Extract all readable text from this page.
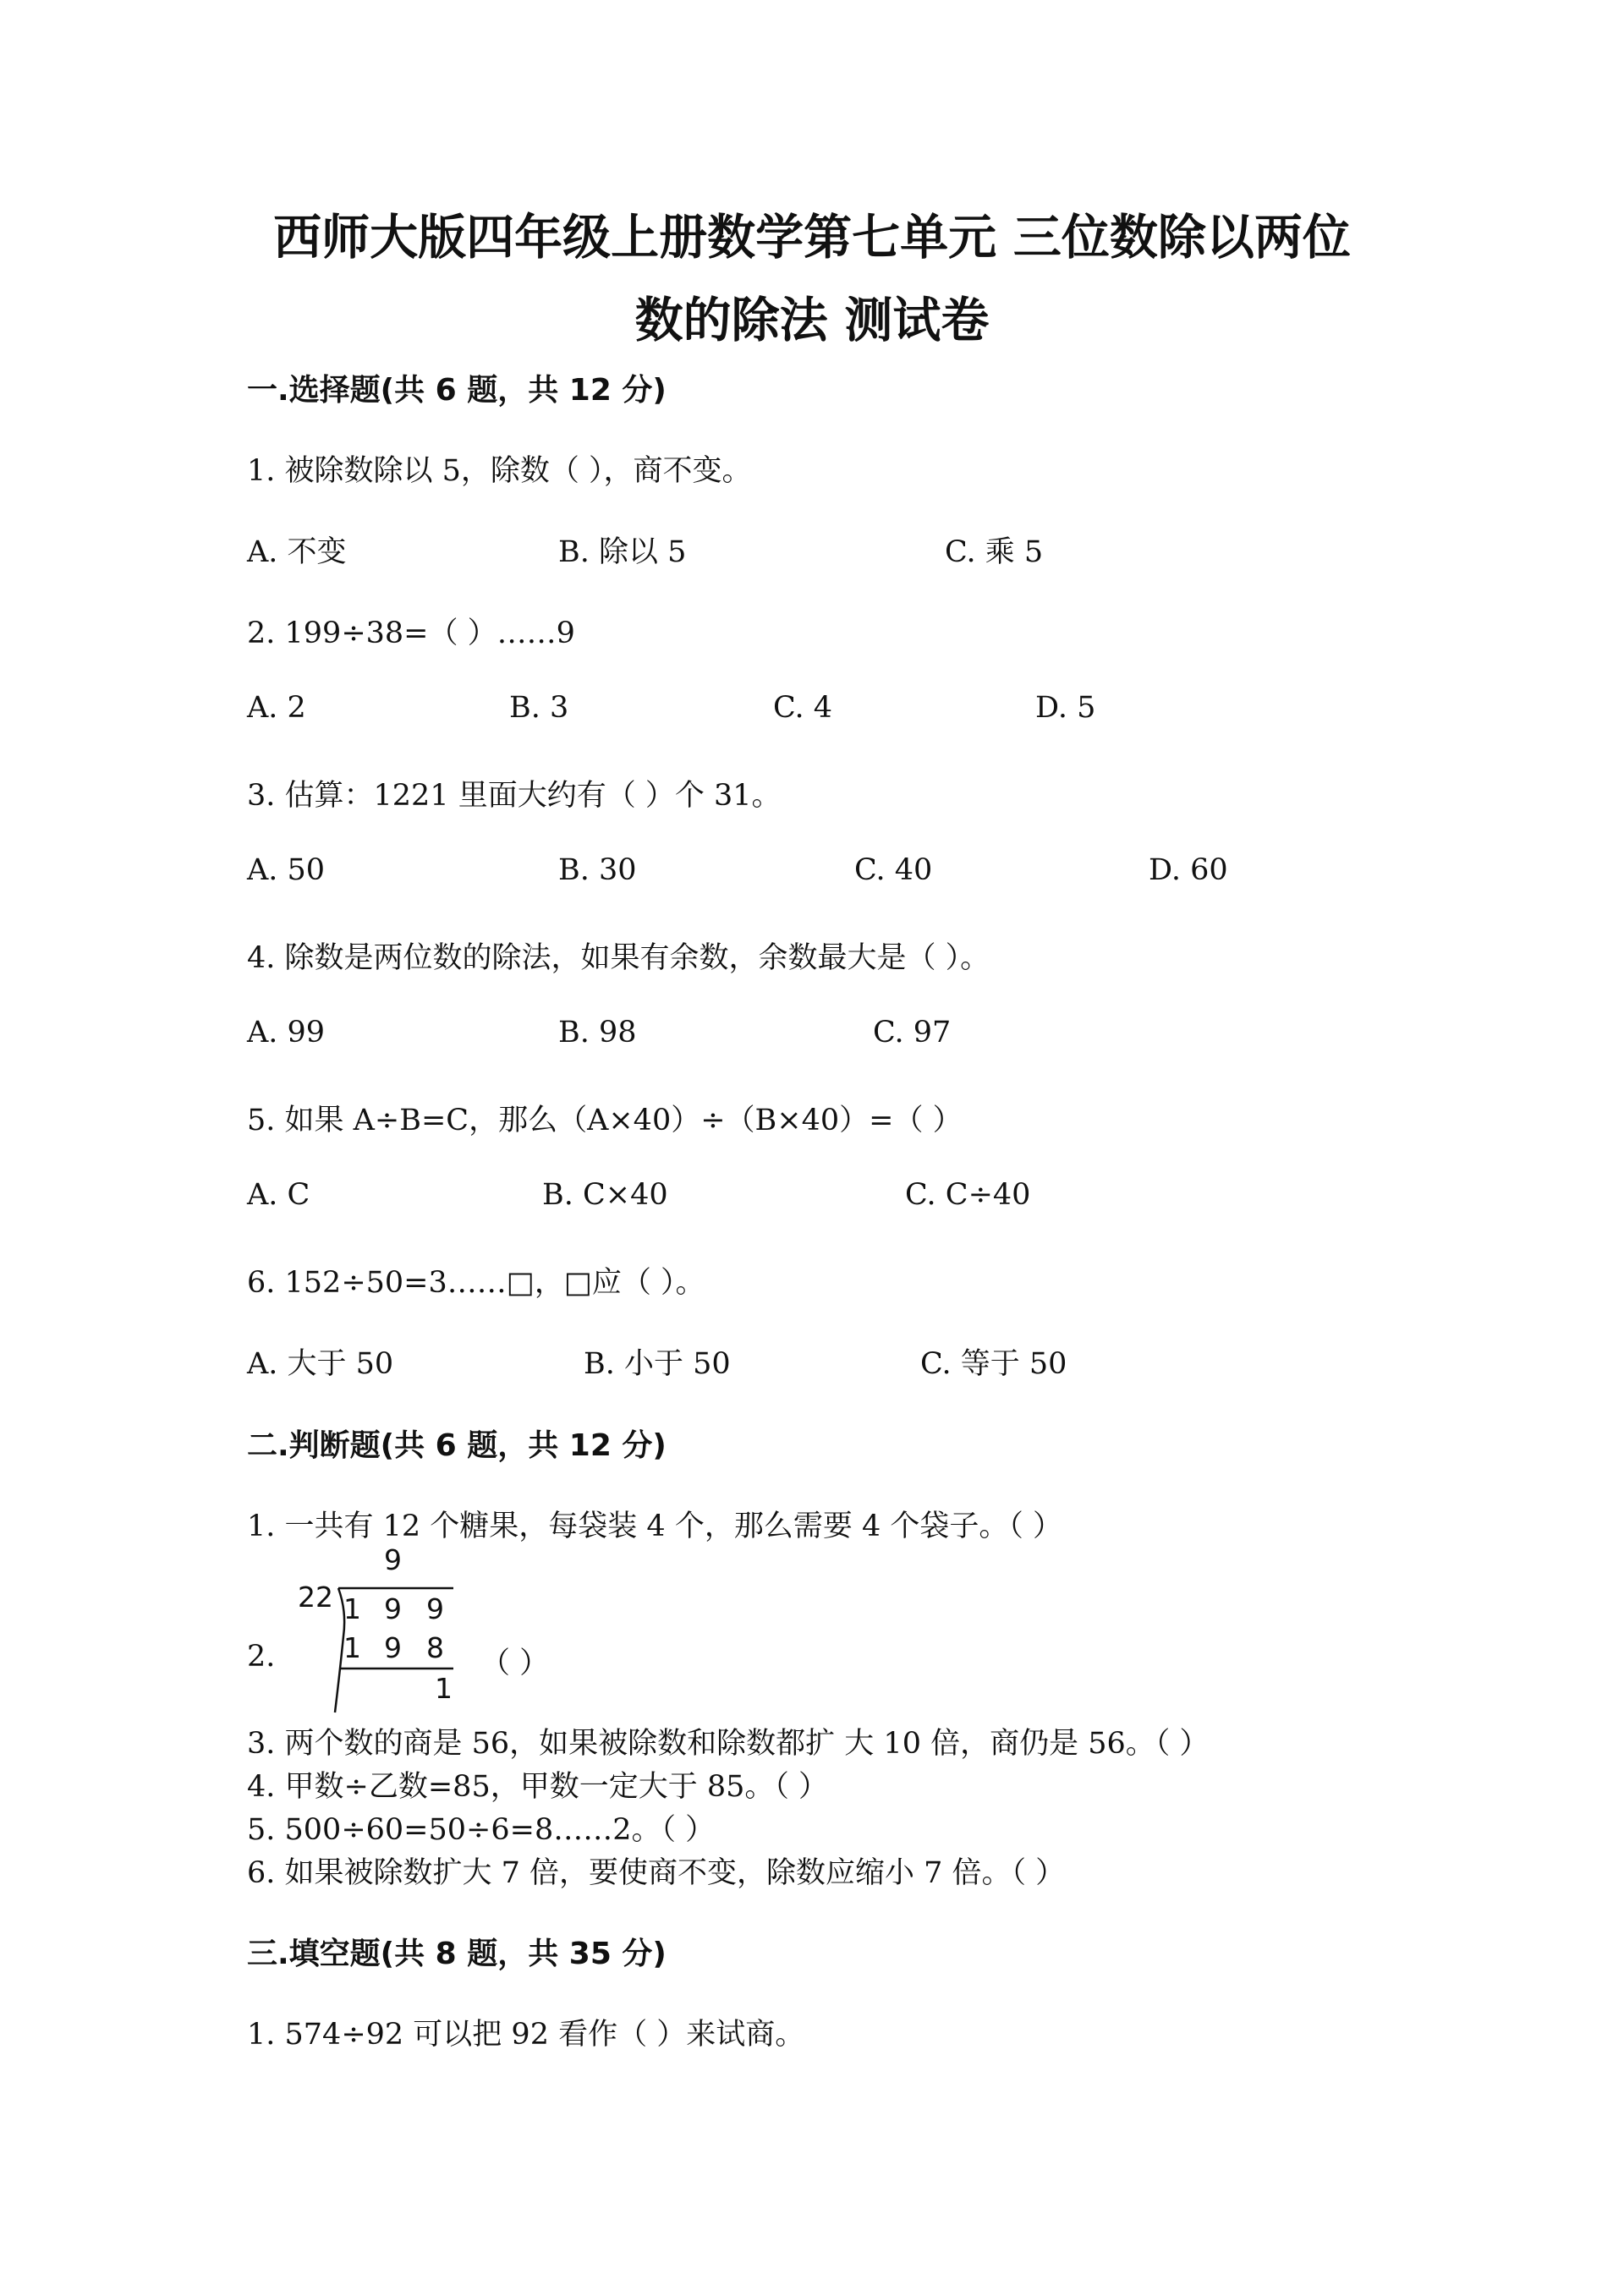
西师大版四年级上册数学第七单元 三位数除以两位
数的除法 测试卷
一.选择题(共 6 题，共 12 分)
1. 被除数除以 5，除数（ ），商不变。
A. 不变	B. 除以 5	C. 乘 5
2. 199÷38=（ ）……9
A. 2	B. 3	C. 4	D. 5
3. 估算：1221 里面大约有（ ）个 31。
A. 50	B. 30	C. 40	D. 60
4. 除数是两位数的除法，如果有余数，余数最大是（ ）。
A. 99	B. 98	C. 97
5. 如果 A÷B=C，那么（A×40）÷（B×40）=（ ）
A. C	B. C×40	C. C÷40
6. 152÷50=3……□，□应（ ）。
A. 大于 50	B. 小于 50	C. 等于 50
二.判断题(共 6 题，共 12 分)
1. 一共有 12 个糖果，每袋装 4 个，那么需要 4 个袋子。（ ）
2.
22
9
1 9 9
1 9 8
1
（ ）
3. 两个数的商是 56，如果被除数和除数都扩 大 10 倍，商仍是 56。（ ）
4. 甲数÷乙数=85，甲数一定大于 85。（ ）
5. 500÷60=50÷6=8……2。（ ）
6. 如果被除数扩大 7 倍，要使商不变，除数应缩小 7 倍。（ ）
三.填空题(共 8 题，共 35 分)
1. 574÷92 可以把 92 看作（ ）来试商。
